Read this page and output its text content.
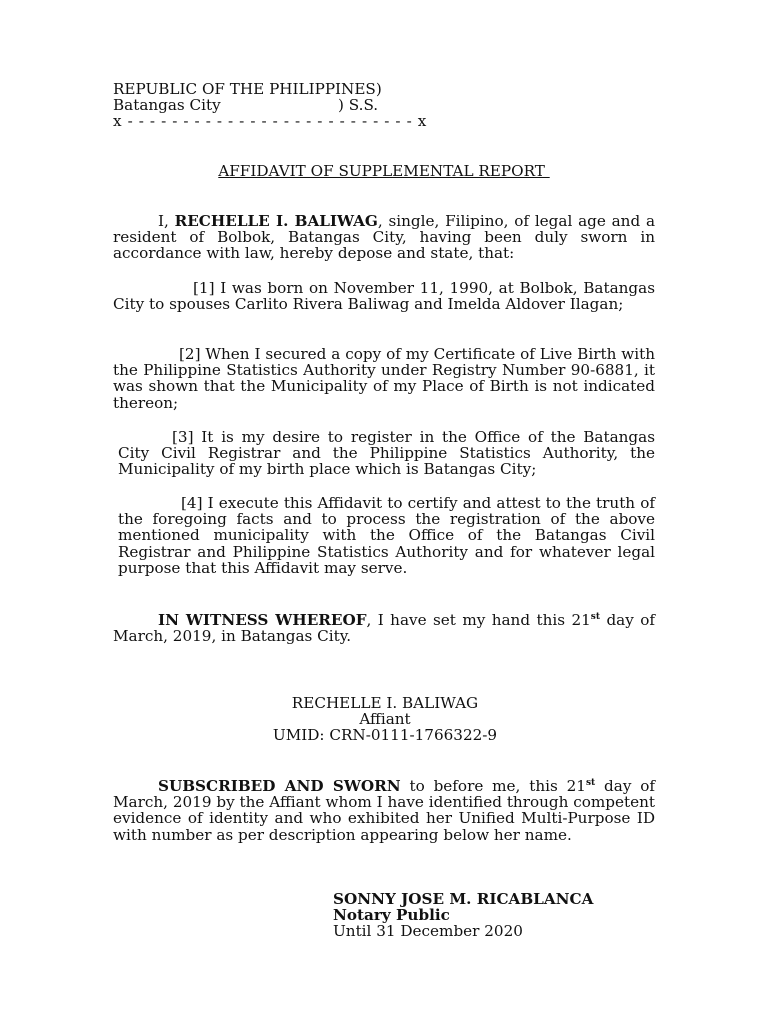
REPUBLIC OF THE PHILIPPINES)
Batangas City	) S.S.
x - - - - - - - - - - - - - - - - - - - - - - - - - - x
AFFIDAVIT OF SUPPLEMENTAL REPORT
I, RECHELLE I. BALIWAG, single, Filipino, of legal age and a resident of Bolbok, Batangas City, having been duly sworn in accordance with law, hereby depose and state, that:
[1] I was born on November 11, 1990, at Bolbok, Batangas City to spouses Carlito Rivera Baliwag and Imelda Aldover Ilagan;
[2] When I secured a copy of my Certificate of Live Birth with the Philippine Statistics Authority under Registry Number 90-6881, it was shown that the Municipality of my Place of Birth is not indicated thereon;
[3] It is my desire to register in the Office of the Batangas City Civil Registrar and the Philippine Statistics Authority, the Municipality of my birth place which is Batangas City;
[4] I execute this Affidavit to certify and attest to the truth of the foregoing facts and to process the registration of the above mentioned municipality with the Office of the Batangas Civil Registrar and Philippine Statistics Authority and for whatever legal purpose that this Affidavit may serve.
IN WITNESS WHEREOF, I have set my hand this 21st day of March, 2019, in Batangas City.
RECHELLE I. BALIWAG
Affiant
UMID: CRN-0111-1766322-9
SUBSCRIBED AND SWORN to before me, this 21st day of March, 2019 by the Affiant whom I have identified through competent evidence of identity and who exhibited her Unified Multi-Purpose ID with number as per description appearing below her name.
SONNY JOSE M. RICABLANCA
Notary Public
Until 31 December 2020
